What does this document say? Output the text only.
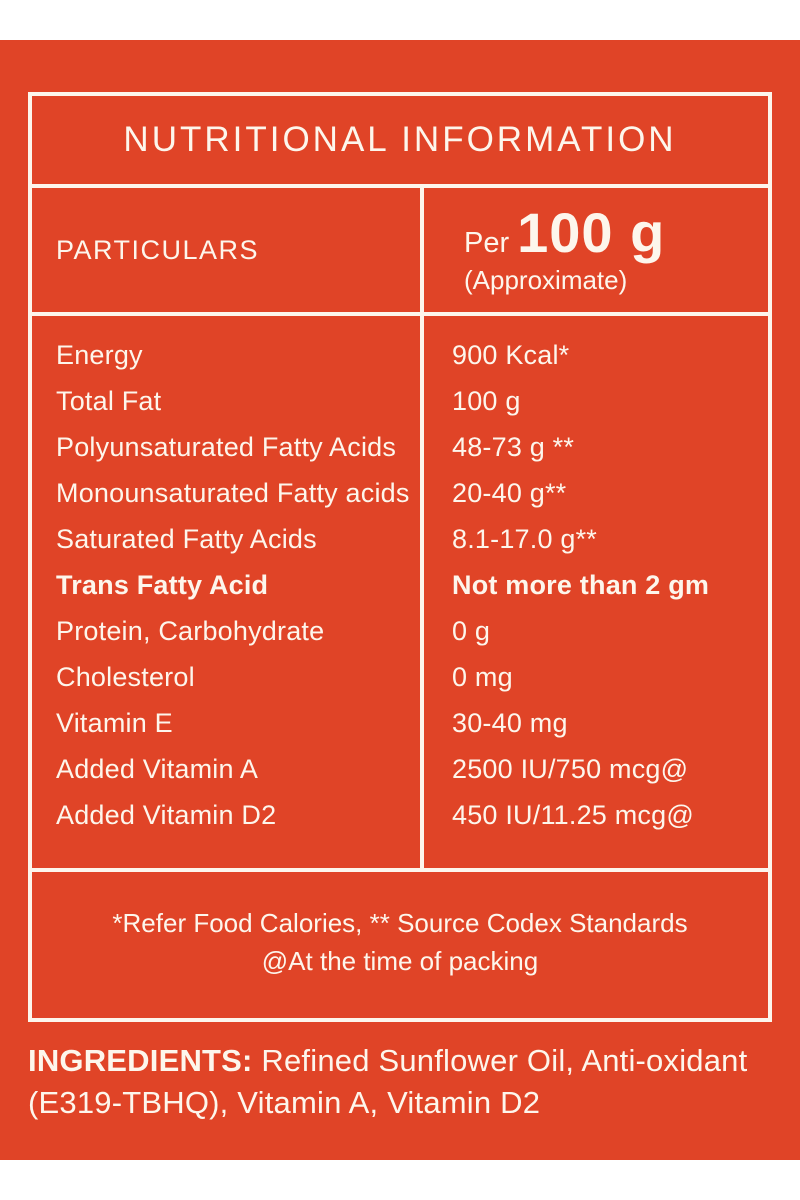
NUTRITIONAL INFORMATION
PARTICULARS	Per 100 g
(Approximate)
Energy
Total Fat
Polyunsaturated Fatty Acids
Monounsaturated Fatty acids
Saturated Fatty Acids
Trans Fatty Acid
Protein, Carbohydrate
Cholesterol
Vitamin E
Added Vitamin A
Added Vitamin D2
900 Kcal*
100 g
48-73 g **
20-40 g**
8.1-17.0 g**
Not more than 2 gm
0 g
0 mg
30-40 mg
2500 IU/750 mcg@
450 IU/11.25 mcg@
*Refer Food Calories, ** Source Codex Standards
@At the time of packing
INGREDIENTS: Refined Sunflower Oil, Anti-oxidant (E319-TBHQ), Vitamin A, Vitamin D2
